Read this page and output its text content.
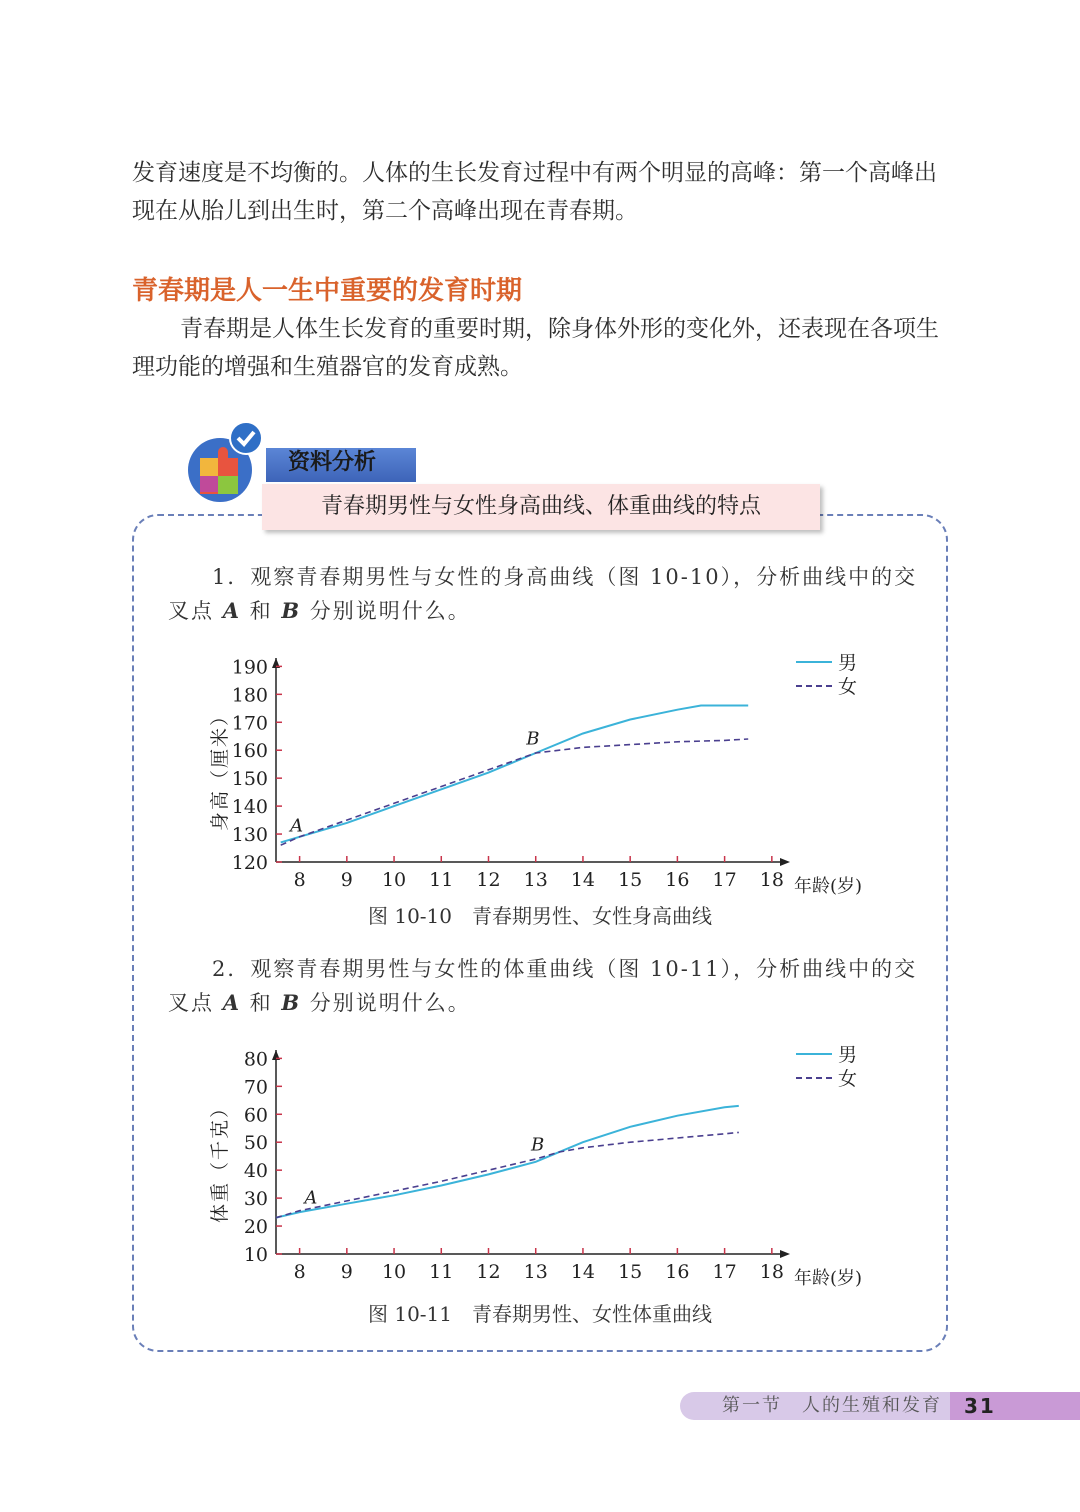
发育速度是不均衡的。人体的生长发育过程中有两个明显的高峰：第一个高峰出现在从胎儿到出生时，第二个高峰出现在青春期。

青春期是人一生中重要的发育时期

青春期是人体生长发育的重要时期，除身体外形的变化外，还表现在各项生理功能的增强和生殖器官的发育成熟。

资料分析
青春期男性与女性身高曲线、体重曲线的特点

1．观察青春期男性与女性的身高曲线（图 10-10），分析曲线中的交叉点 A 和 B 分别说明什么。

120
130
140
150
160
170
180
190
8 9 10 11 12 13 14 15 16 17 18 年龄(岁)
身高（厘米）
男
女
A
B

图 10-10　青春期男性、女性身高曲线

2．观察青春期男性与女性的体重曲线（图 10-11），分析曲线中的交叉点 A 和 B 分别说明什么。

10
20
30
40
50
60
70
80
8 9 10 11 12 13 14 15 16 17 18 年龄(岁)
体重（千克）
男
女
A
B

图 10-11　青春期男性、女性体重曲线

第一节　人的生殖和发育	31
